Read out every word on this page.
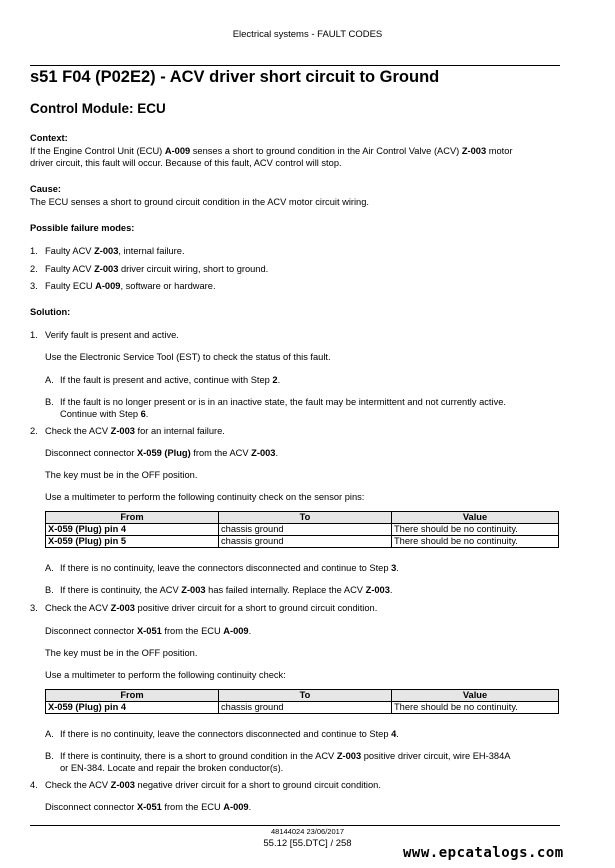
Electrical systems - FAULT CODES
s51 F04 (P02E2) - ACV driver short circuit to Ground
Control Module: ECU
Context:
If the Engine Control Unit (ECU) A-009 senses a short to ground condition in the Air Control Valve (ACV) Z-003 motor
driver circuit, this fault will occur. Because of this fault, ACV control will stop.
Cause:
The ECU senses a short to ground circuit condition in the ACV motor circuit wiring.
Possible failure modes:
1. Faulty ACV Z-003, internal failure.
2. Faulty ACV Z-003 driver circuit wiring, short to ground.
3. Faulty ECU A-009, software or hardware.
Solution:
1. Verify fault is present and active.
Use the Electronic Service Tool (EST) to check the status of this fault.
A. If the fault is present and active, continue with Step 2.
B. If the fault is no longer present or is in an inactive state, the fault may be intermittent and not currently active.
Continue with Step 6.
2. Check the ACV Z-003 for an internal failure.
Disconnect connector X-059 (Plug) from the ACV Z-003.
The key must be in the OFF position.
Use a multimeter to perform the following continuity check on the sensor pins:
From	To	Value
X-059 (Plug) pin 4	chassis ground	There should be no continuity.
X-059 (Plug) pin 5	chassis ground	There should be no continuity.
A. If there is no continuity, leave the connectors disconnected and continue to Step 3.
B. If there is continuity, the ACV Z-003 has failed internally. Replace the ACV Z-003.
3. Check the ACV Z-003 positive driver circuit for a short to ground circuit condition.
Disconnect connector X-051 from the ECU A-009.
The key must be in the OFF position.
Use a multimeter to perform the following continuity check:
From	To	Value
X-059 (Plug) pin 4	chassis ground	There should be no continuity.
A. If there is no continuity, leave the connectors disconnected and continue to Step 4.
B. If there is continuity, there is a short to ground condition in the ACV Z-003 positive driver circuit, wire EH-384A
or EN-384. Locate and repair the broken conductor(s).
4. Check the ACV Z-003 negative driver circuit for a short to ground circuit condition.
Disconnect connector X-051 from the ECU A-009.
48144024 23/06/2017
55.12 [55.DTC] / 258
www.epcatalogs.com
